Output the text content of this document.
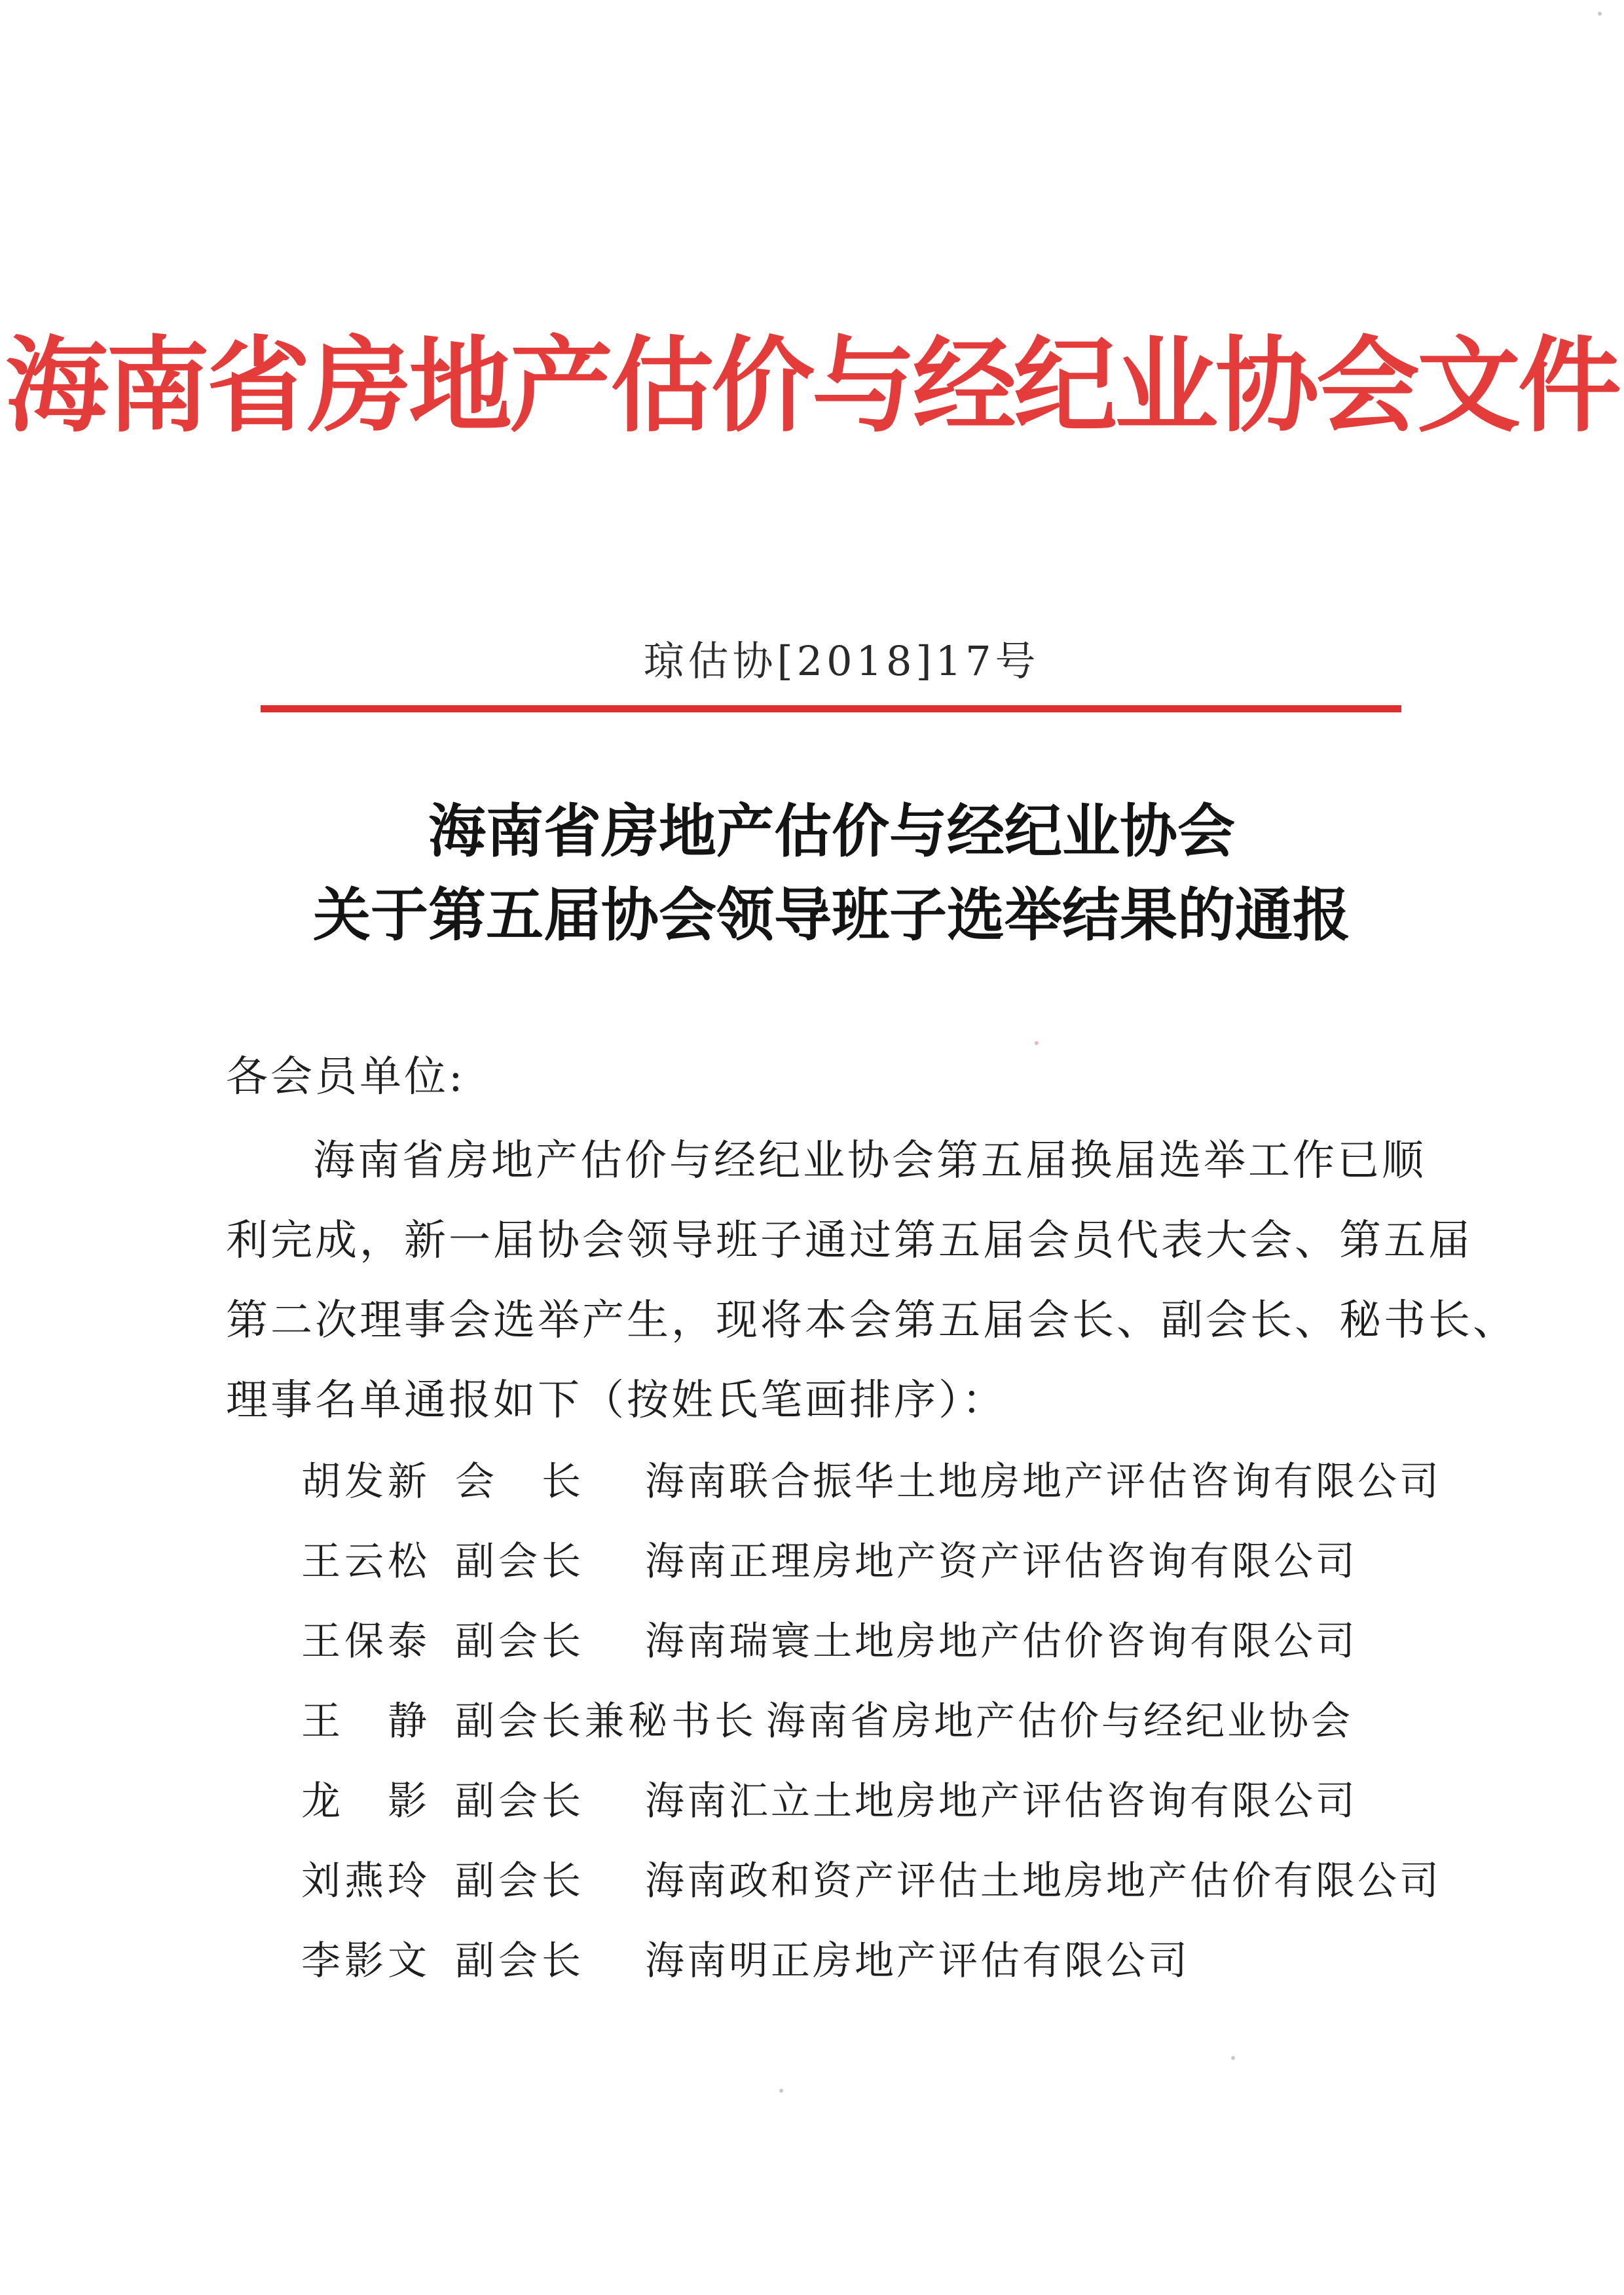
海南省房地产估价与经纪业协会文件
琼估协[2018]17号
海南省房地产估价与经纪业协会
关于第五届协会领导班子选举结果的通报
各会员单位:
海南省房地产估价与经纪业协会第五届换届选举工作已顺
利完成，新一届协会领导班子通过第五届会员代表大会、第五届
第二次理事会选举产生，现将本会第五届会长、副会长、秘书长、
理事名单通报如下（按姓氏笔画排序）：
胡发新 会　长 海南联合振华土地房地产评估咨询有限公司
王云松 副会长 海南正理房地产资产评估咨询有限公司
王保泰 副会长 海南瑞寰土地房地产估价咨询有限公司
王　静 副会长兼秘书长 海南省房地产估价与经纪业协会
龙　影 副会长 海南汇立土地房地产评估咨询有限公司
刘燕玲 副会长 海南政和资产评估土地房地产估价有限公司
李影文 副会长 海南明正房地产评估有限公司
